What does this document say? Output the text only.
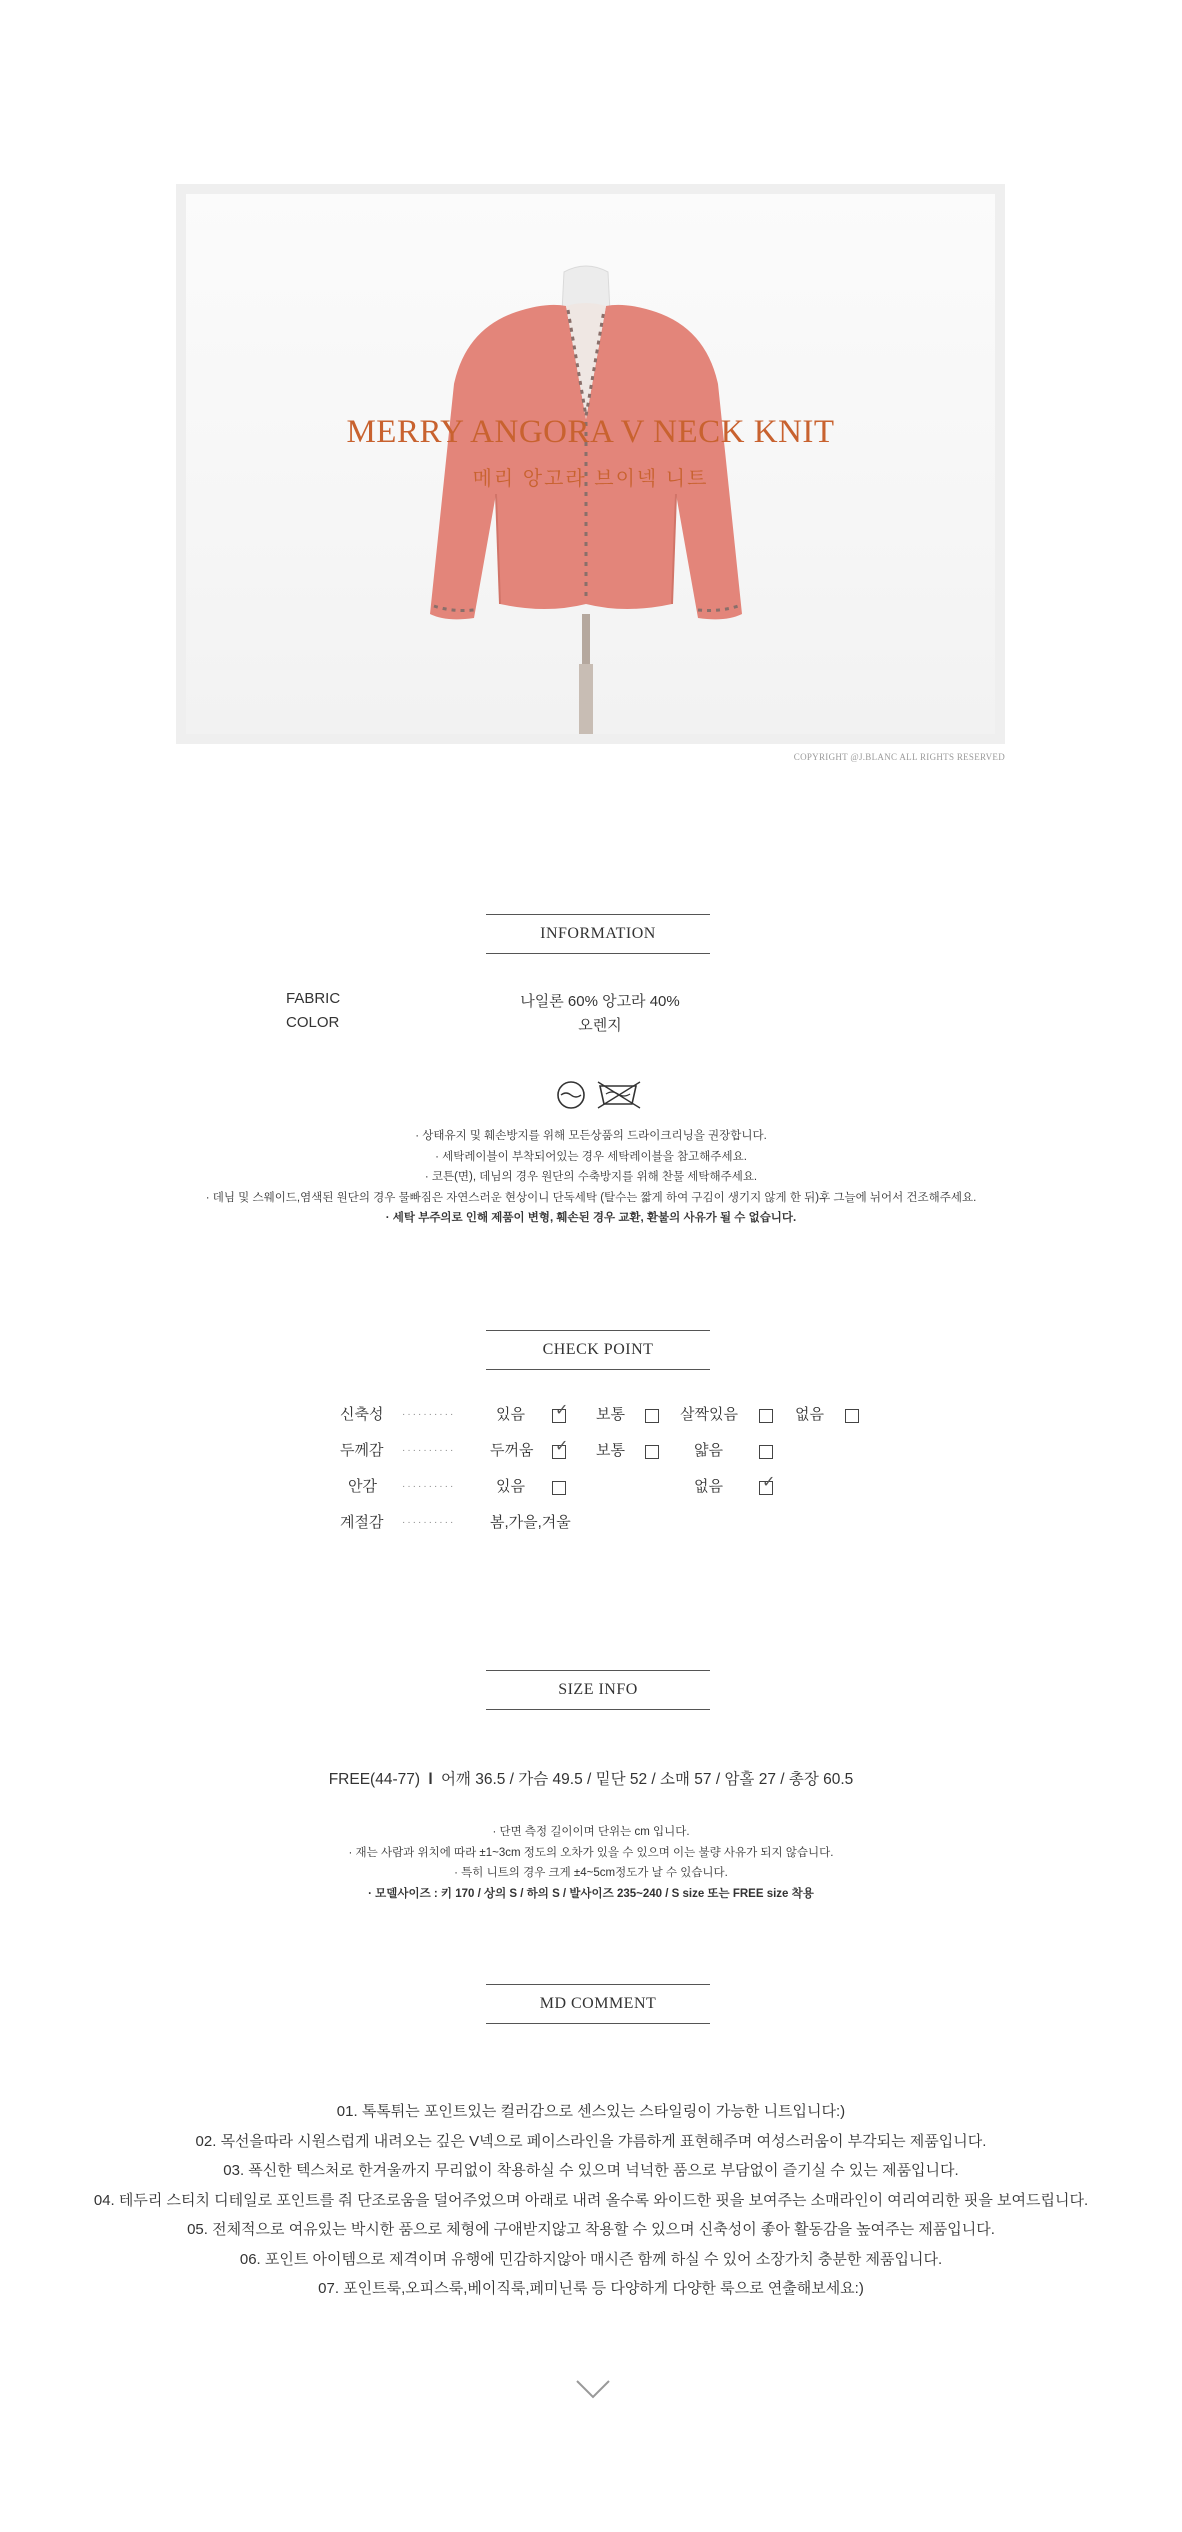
MERRY ANGORA V NECK KNIT
메리 앙고라 브이넥 니트
COPYRIGHT @J.BLANC ALL RIGHTS RESERVED
INFORMATION
FABRIC	나일론 60% 앙고라 40%
COLOR	오렌지
· 상태유지 및 훼손방지를 위해 모든상품의 드라이크리닝을 권장합니다.
· 세탁레이블이 부착되어있는 경우 세탁레이블을 참고해주세요.
· 코튼(면), 데님의 경우 원단의 수축방지를 위해 찬물 세탁해주세요.
· 데님 및 스웨이드,염색된 원단의 경우 물빠짐은 자연스러운 현상이니 단독세탁 (탈수는 짧게 하여 구김이 생기지 않게 한 뒤)후 그늘에 뉘어서 건조해주세요.
· 세탁 부주의로 인해 제품이 변형, 훼손된 경우 교환, 환불의 사유가 될 수 없습니다.
CHECK POINT
신축성 ··········	있음 ✓ 보통	살짝있음	없음
두께감 ·········· 두꺼움 ✓ 보통	얇음
안감	··········	있음	없음 ✓
계절감 ·········· 봄,가을,겨울
SIZE INFO
FREE(44-77) l 어깨 36.5 / 가슴 49.5 / 밑단 52 / 소매 57 / 암홀 27 / 총장 60.5
· 단면 측정 길이이며 단위는 cm 입니다.
· 재는 사람과 위치에 따라 ±1~3cm 정도의 오차가 있을 수 있으며 이는 불량 사유가 되지 않습니다.
· 특히 니트의 경우 크게 ±4~5cm정도가 날 수 있습니다.
· 모델사이즈 : 키 170 / 상의 S / 하의 S / 발사이즈 235~240 / S size 또는 FREE size 착용
MD COMMENT
01. 톡톡튀는 포인트있는 컬러감으로 센스있는 스타일링이 가능한 니트입니다:)
02. 목선을따라 시원스럽게 내려오는 깊은 V넥으로 페이스라인을 갸름하게 표현해주며 여성스러움이 부각되는 제품입니다.
03. 폭신한 텍스처로 한겨울까지 무리없이 착용하실 수 있으며 넉넉한 품으로 부담없이 즐기실 수 있는 제품입니다.
04. 테두리 스티치 디테일로 포인트를 줘 단조로움을 덜어주었으며 아래로 내려 올수록 와이드한 핏을 보여주는 소매라인이 여리여리한 핏을 보여드립니다.
05. 전체적으로 여유있는 박시한 품으로 체형에 구애받지않고 착용할 수 있으며 신축성이 좋아 활동감을 높여주는 제품입니다.
06. 포인트 아이템으로 제격이며 유행에 민감하지않아 매시즌 함께 하실 수 있어 소장가치 충분한 제품입니다.
07. 포인트룩,오피스룩,베이직룩,페미닌룩 등 다양하게 다양한 룩으로 연출해보세요:)
